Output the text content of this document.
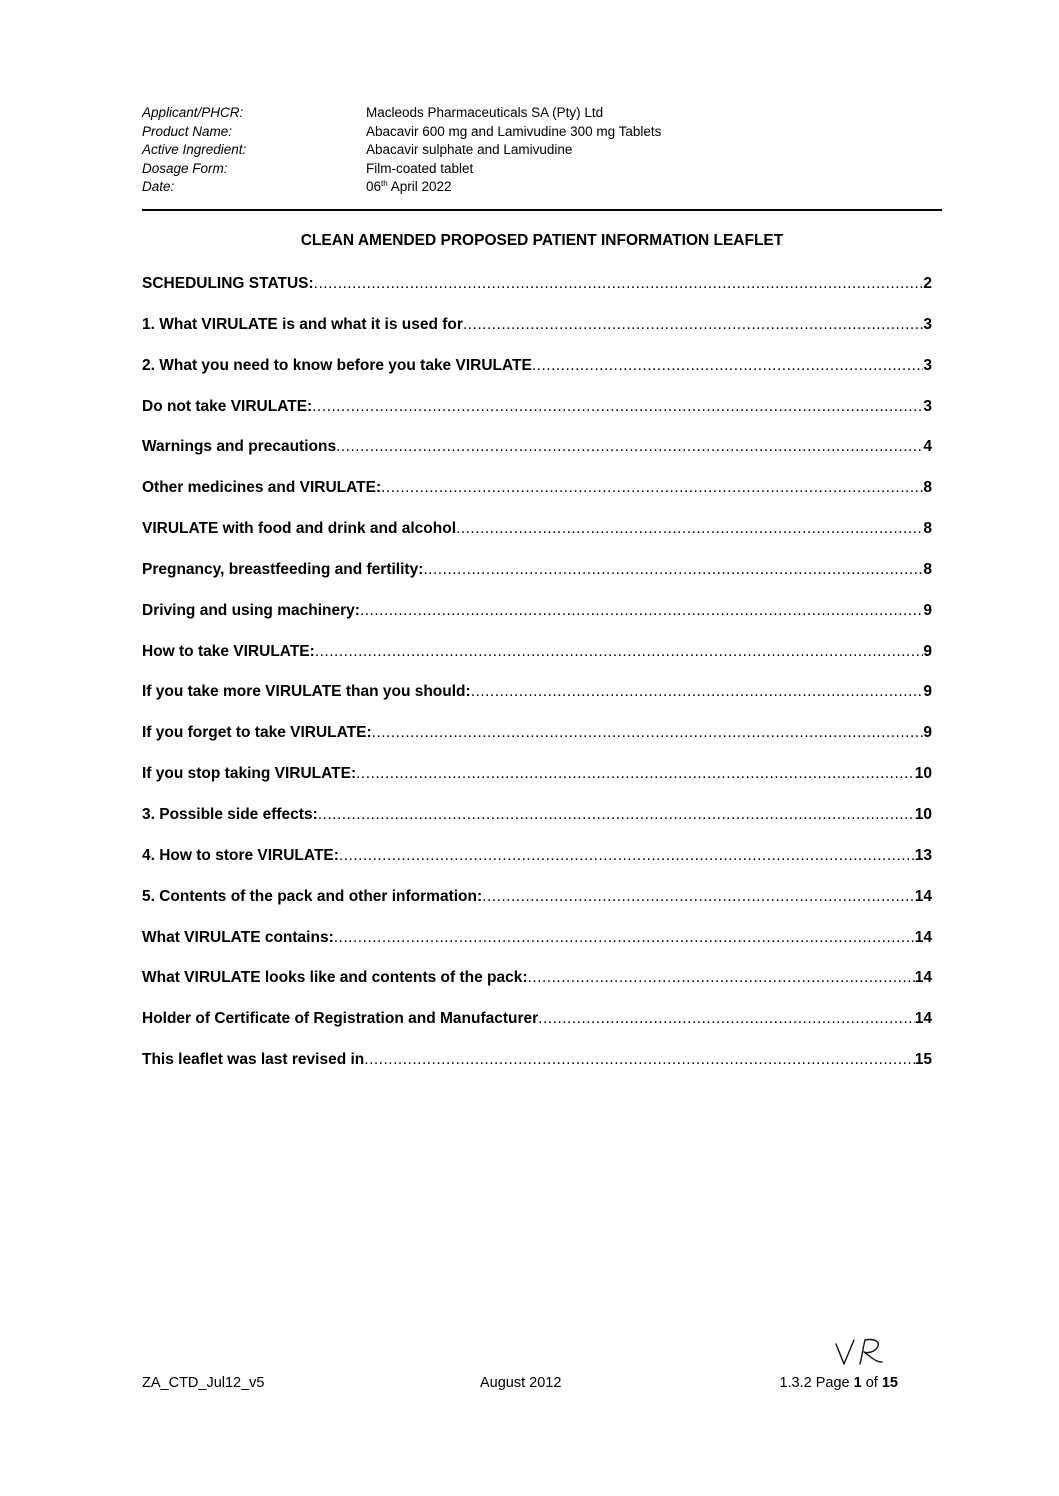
Applicant/PHCR:	Macleods Pharmaceuticals SA (Pty) Ltd
Product Name:	Abacavir 600 mg and Lamivudine 300 mg Tablets
Active Ingredient:	Abacavir sulphate and Lamivudine
Dosage Form:	Film-coated tablet
Date:	06th April 2022
CLEAN AMENDED PROPOSED PATIENT INFORMATION LEAFLET
SCHEDULING STATUS: .....	2
1. What VIRULATE is and what it is used for .....	3
2. What you need to know before you take VIRULATE .....	3
Do not take VIRULATE: .....	3
Warnings and precautions .....	4
Other medicines and VIRULATE: .....	8
VIRULATE with food and drink and alcohol .....	8
Pregnancy, breastfeeding and fertility: .....	8
Driving and using machinery: .....	9
How to take VIRULATE: .....	9
If you take more VIRULATE than you should: .....	9
If you forget to take VIRULATE: .....	9
If you stop taking VIRULATE: .....	10
3. Possible side effects: .....	10
4. How to store VIRULATE: .....	13
5. Contents of the pack and other information: .....	14
What VIRULATE contains: .....	14
What VIRULATE looks like and contents of the pack: .....	14
Holder of Certificate of Registration and Manufacturer .....	14
This leaflet was last revised in .....	15
ZA_CTD_Jul12_v5	August 2012	1.3.2 Page 1 of 15
